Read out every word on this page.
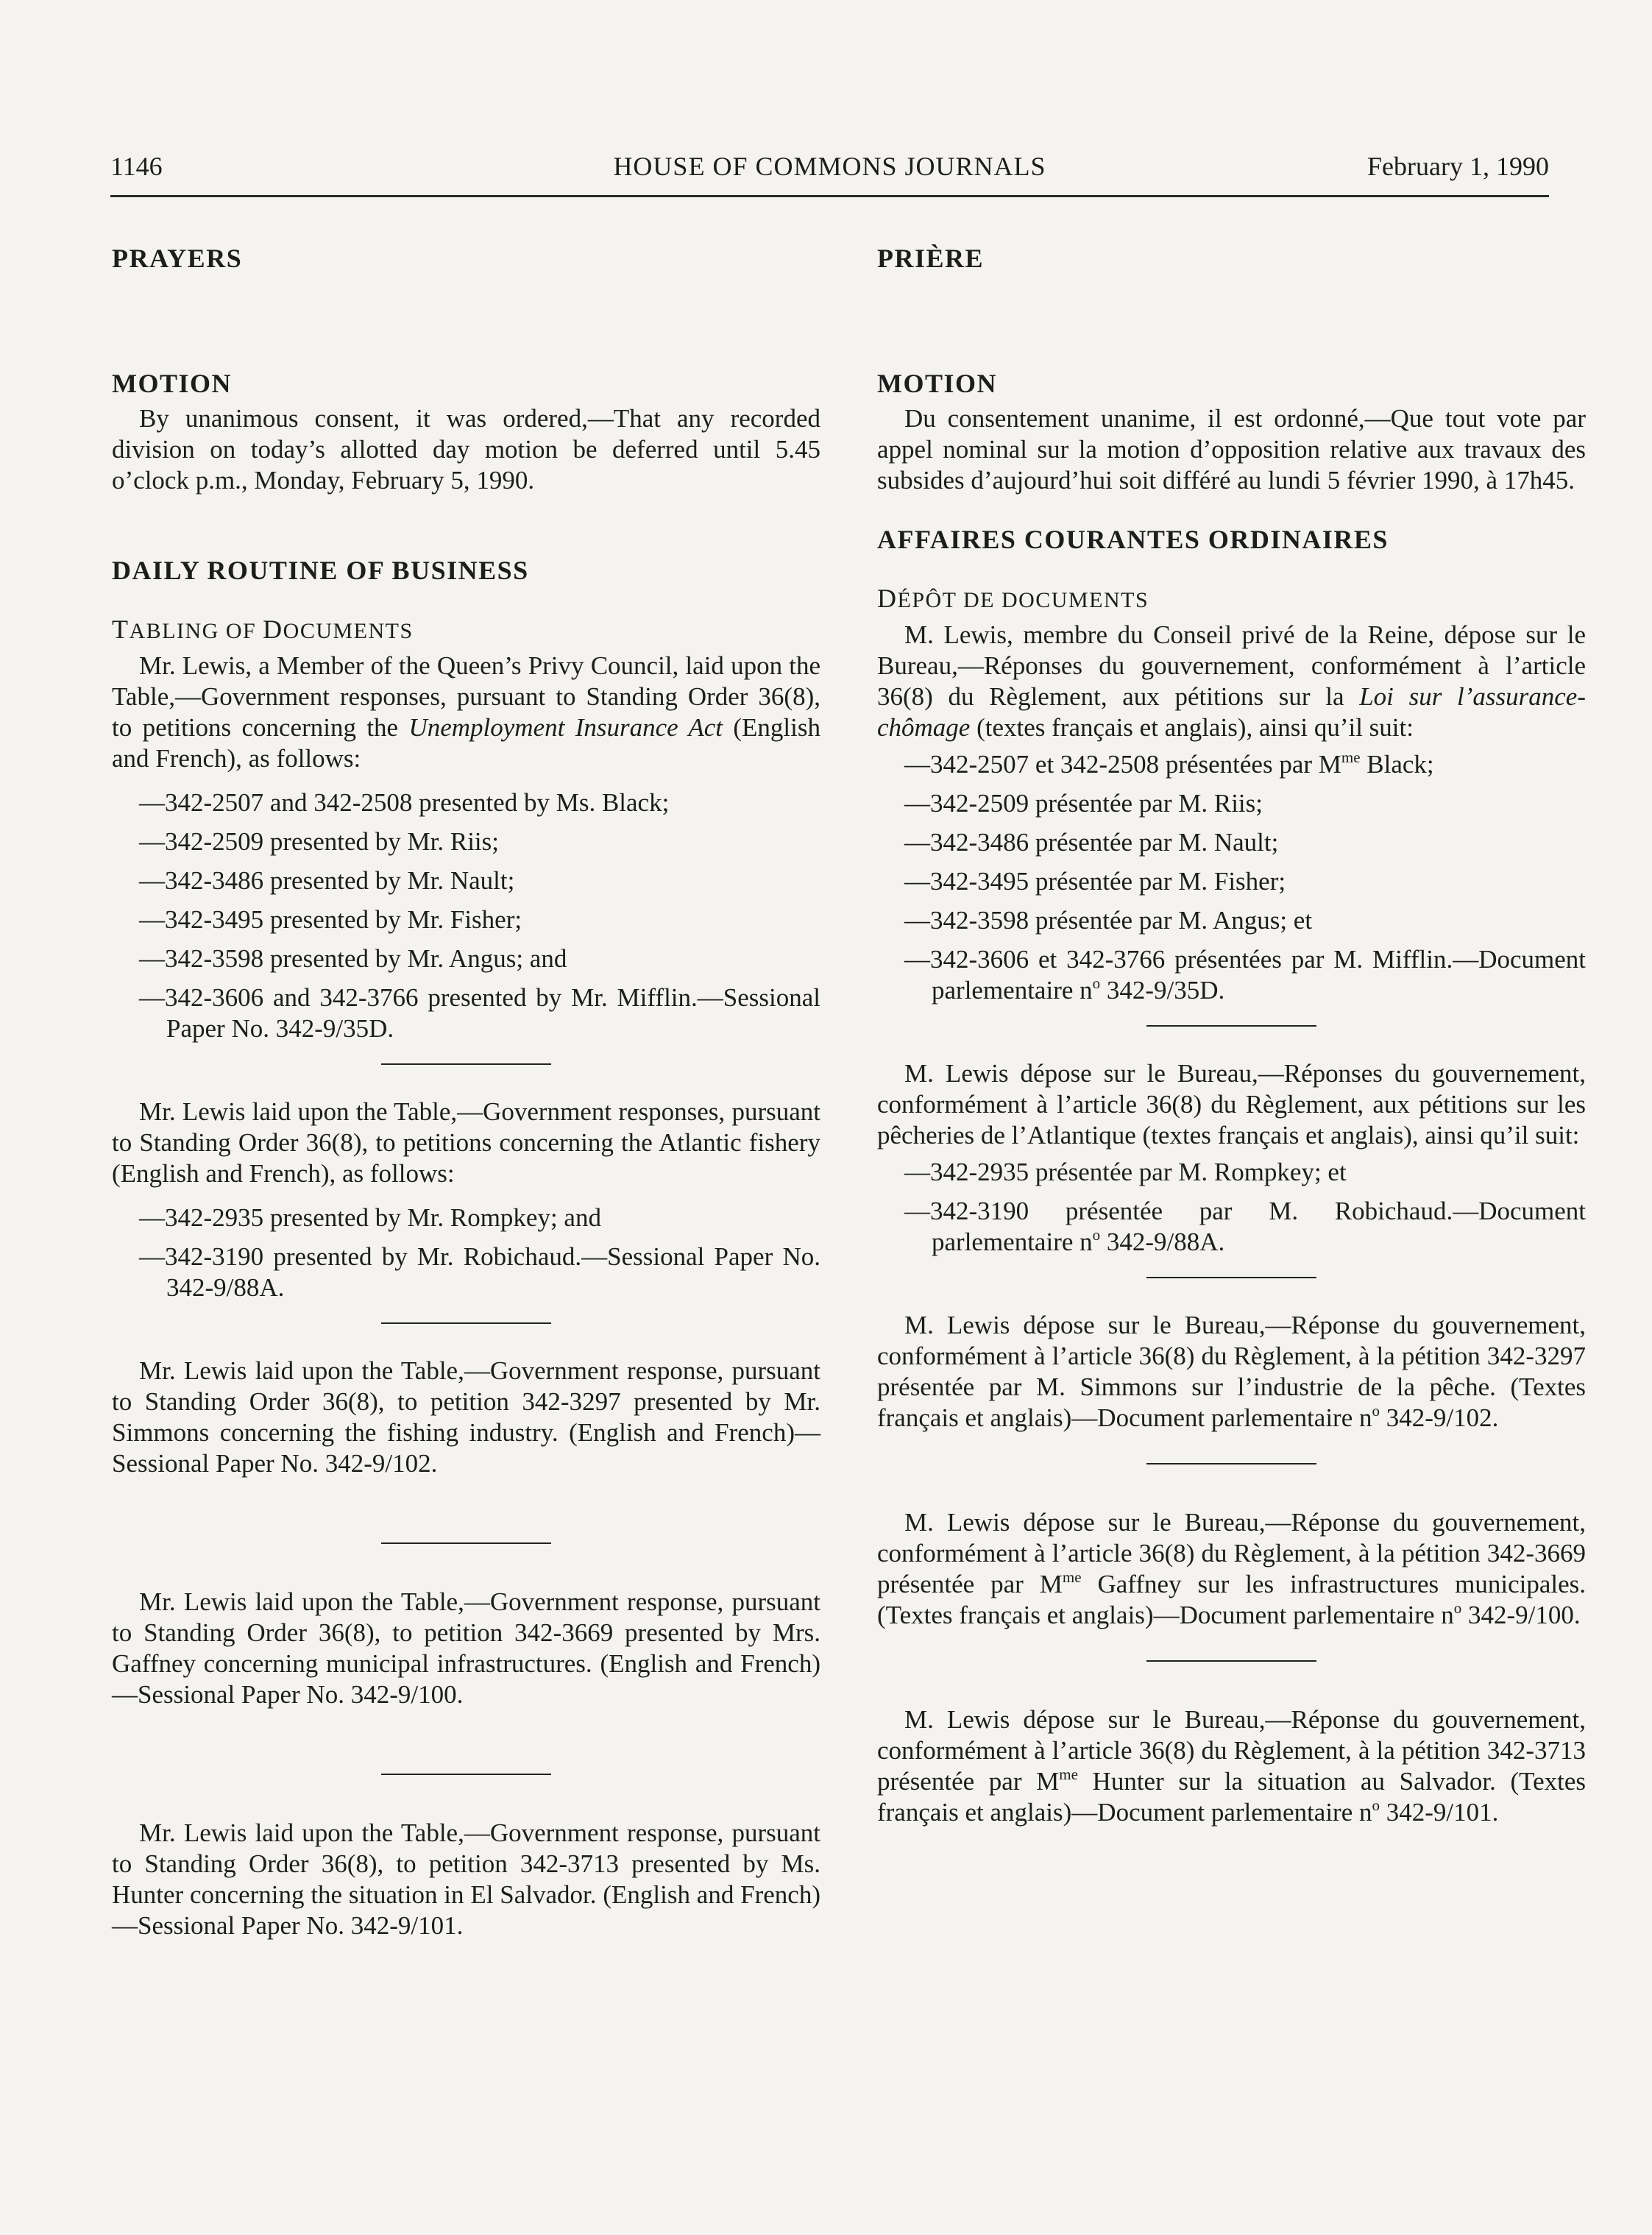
1146	HOUSE OF COMMONS JOURNALS	February 1, 1990
PRAYERS
MOTION

By unanimous consent, it was ordered,—That any recorded division on today’s allotted day motion be deferred until 5.45 o’clock p.m., Monday, February 5, 1990.

DAILY ROUTINE OF BUSINESS
TABLING OF DOCUMENTS

Mr. Lewis, a Member of the Queen’s Privy Council, laid upon the Table,—Government responses, pursuant to Standing Order 36(8), to petitions concerning the Unemployment Insurance Act (English and French), as follows:

—342-2507 and 342-2508 presented by Ms. Black;
—342-2509 presented by Mr. Riis;
—342-3486 presented by Mr. Nault;
—342-3495 presented by Mr. Fisher;
—342-3598 presented by Mr. Angus; and
—342-3606 and 342-3766 presented by Mr. Mifflin.—Sessional Paper No. 342-9/35D.

Mr. Lewis laid upon the Table,—Government responses, pursuant to Standing Order 36(8), to petitions concerning the Atlantic fishery (English and French), as follows:

—342-2935 presented by Mr. Rompkey; and
—342-3190 presented by Mr. Robichaud.—Sessional Paper No. 342-9/88A.

Mr. Lewis laid upon the Table,—Government response, pursuant to Standing Order 36(8), to petition 342-3297 presented by Mr. Simmons concerning the fishing industry. (English and French)—Sessional Paper No. 342-9/102.

Mr. Lewis laid upon the Table,—Government response, pursuant to Standing Order 36(8), to petition 342-3669 presented by Mrs. Gaffney concerning municipal infrastructures. (English and French)—Sessional Paper No. 342-9/100.

Mr. Lewis laid upon the Table,—Government response, pursuant to Standing Order 36(8), to petition 342-3713 presented by Ms. Hunter concerning the situation in El Salvador. (English and French)—Sessional Paper No. 342-9/101.

PRIÈRE
MOTION

Du consentement unanime, il est ordonné,—Que tout vote par appel nominal sur la motion d’opposition relative aux travaux des subsides d’aujourd’hui soit différé au lundi 5 février 1990, à 17h45.

AFFAIRES COURANTES ORDINAIRES
DÉPÔT DE DOCUMENTS

M. Lewis, membre du Conseil privé de la Reine, dépose sur le Bureau,—Réponses du gouvernement, conformément à l’article 36(8) du Règlement, aux pétitions sur la Loi sur l’assurance-chômage (textes français et anglais), ainsi qu’il suit:

—342-2507 et 342-2508 présentées par $M^{me}$ Black;
—342-2509 présentée par M. Riis;
—342-3486 présentée par M. Nault;
—342-3495 présentée par M. Fisher;
—342-3598 présentée par M. Angus; et
—342-3606 et 342-3766 présentées par M. Mifflin.—Document parlementaire $n^o$ 342-9/35D.

M. Lewis dépose sur le Bureau,—Réponses du gouvernement, conformément à l’article 36(8) du Règlement, aux pétitions sur les pêcheries de l’Atlantique (textes français et anglais), ainsi qu’il suit:

—342-2935 présentée par M. Rompkey; et
—342-3190 présentée par M. Robichaud.—Document parlementaire $n^o$ 342-9/88A.

M. Lewis dépose sur le Bureau,—Réponse du gouvernement, conformément à l’article 36(8) du Règlement, à la pétition 342-3297 présentée par M. Simmons sur l’industrie de la pêche. (Textes français et anglais)—Document parlementaire $n^o$ 342-9/102.

M. Lewis dépose sur le Bureau,—Réponse du gouvernement, conformément à l’article 36(8) du Règlement, à la pétition 342-3669 présentée par $M^{me}$ Gaffney sur les infrastructures municipales. (Textes français et anglais)—Document parlementaire $n^o$ 342-9/100.

M. Lewis dépose sur le Bureau,—Réponse du gouvernement, conformément à l’article 36(8) du Règlement, à la pétition 342-3713 présentée par $M^{me}$ Hunter sur la situation au Salvador. (Textes français et anglais)—Document parlementaire $n^o$ 342-9/101.
